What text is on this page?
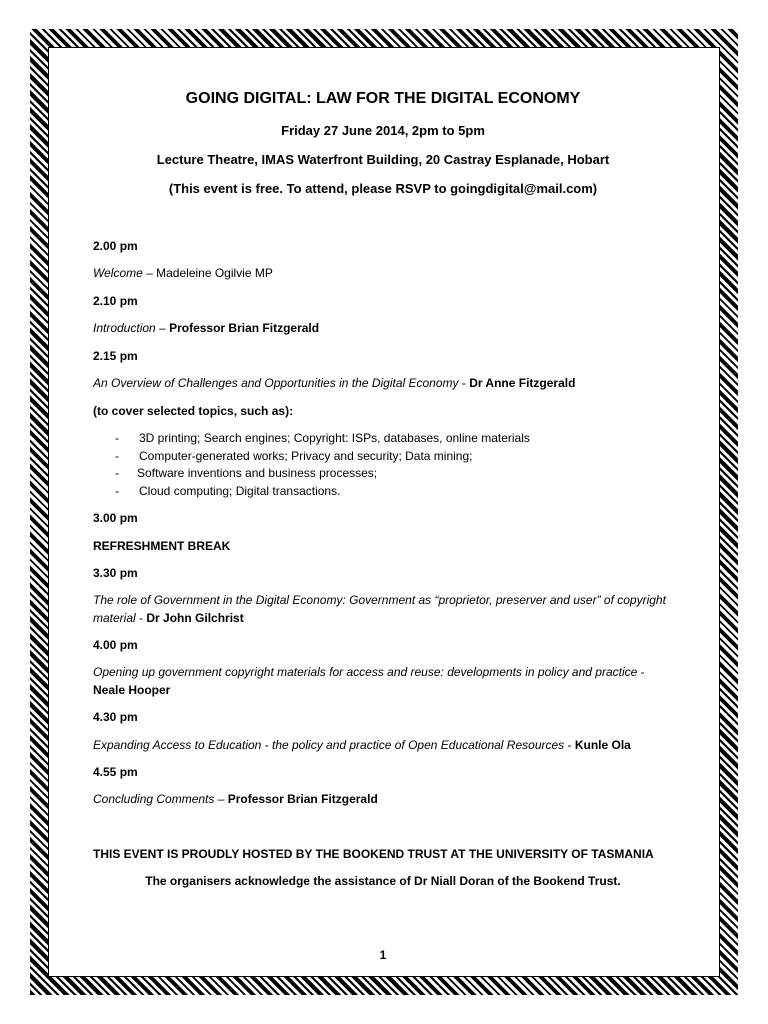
GOING DIGITAL: LAW FOR THE DIGITAL ECONOMY

Friday 27 June 2014, 2pm to 5pm

Lecture Theatre, IMAS Waterfront Building, 20 Castray Esplanade, Hobart

(This event is free. To attend, please RSVP to goingdigital@mail.com)

2.00 pm

Welcome – Madeleine Ogilvie MP

2.10 pm

Introduction – Professor Brian Fitzgerald

2.15 pm

An Overview of Challenges and Opportunities in the Digital Economy - Dr Anne Fitzgerald

(to cover selected topics, such as):

-	3D printing; Search engines; Copyright: ISPs, databases, online materials
-	Computer-generated works; Privacy and security; Data mining;
-	Software inventions and business processes;
-	Cloud computing; Digital transactions.

3.00 pm

REFRESHMENT BREAK

3.30 pm

The role of Government in the Digital Economy: Government as “proprietor, preserver and user” of copyright material - Dr John Gilchrist

4.00 pm

Opening up government copyright materials for access and reuse: developments in policy and practice - Neale Hooper

4.30 pm

Expanding Access to Education - the policy and practice of Open Educational Resources - Kunle Ola

4.55 pm

Concluding Comments – Professor Brian Fitzgerald

THIS EVENT IS PROUDLY HOSTED BY THE BOOKEND TRUST AT THE UNIVERSITY OF TASMANIA

The organisers acknowledge the assistance of Dr Niall Doran of the Bookend Trust.

1
